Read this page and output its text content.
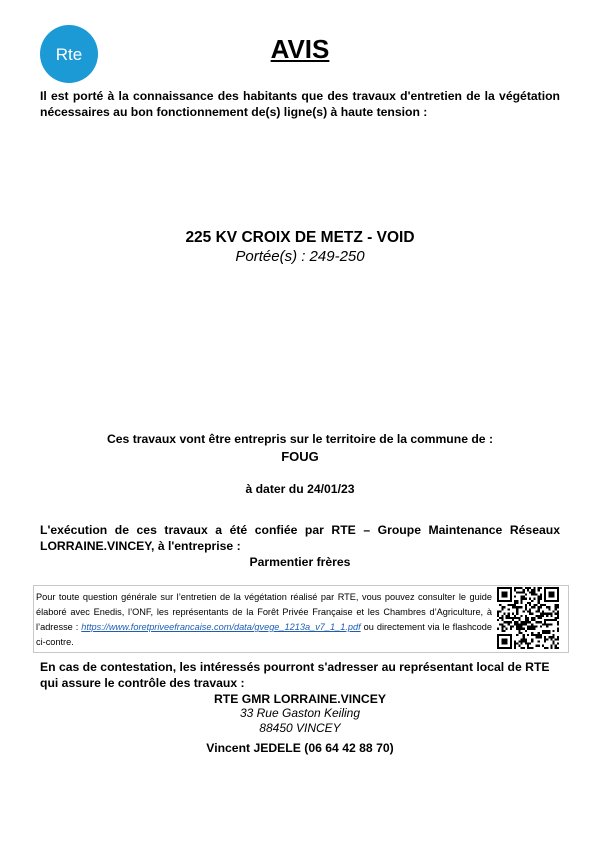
Rte	AVIS
Il est porté à la connaissance des habitants que des travaux d'entretien de la végétation nécessaires au bon fonctionnement de(s) ligne(s) à haute tension :
225 KV CROIX DE METZ - VOID
Portée(s) : 249-250
Ces travaux vont être entrepris sur le territoire de la commune de :
FOUG
à dater du 24/01/23
L'exécution de ces travaux a été confiée par RTE – Groupe Maintenance Réseaux LORRAINE.VINCEY, à l'entreprise :
Parmentier frères
Pour toute question générale sur l’entretien de la végétation réalisé par RTE, vous pouvez consulter le guide élaboré avec Enedis, l’ONF, les représentants de la Forêt Privée Française et les Chambres d’Agriculture, à l’adresse : https://www.foretpriveefrancaise.com/data/gvege_1213a_v7_1_1.pdf ou directement via le flashcode ci-contre.
En cas de contestation, les intéressés pourront s'adresser au représentant local de RTE qui assure le contrôle des travaux :
RTE GMR LORRAINE.VINCEY
33 Rue Gaston Keiling
88450 VINCEY
Vincent JEDELE (06 64 42 88 70)
